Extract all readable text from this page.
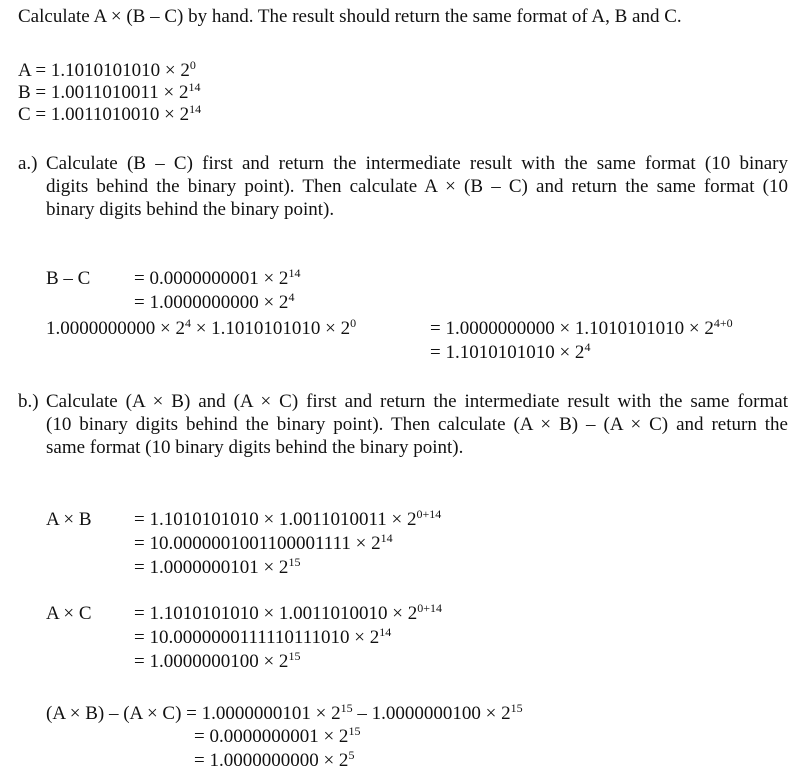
Calculate A × (B – C) by hand. The result should return the same format of A, B and C.
$A = 1.1010101010 \times 2^0$
$B = 1.0011010011 \times 2^{14}$
$C = 1.0011010010 \times 2^{14}$
a.) Calculate (B – C) first and return the intermediate result with the same format (10 binary
digits behind the binary point). Then calculate A × (B – C) and return the same format (10
binary digits behind the binary point).
$B - C = 0.0000000001 \times 2^{14}$
= $1.0000000000 \times 2^4$
$1.0000000000 \times 2^4 \times 1.1010101010 \times 2^0$	= $1.0000000000 \times 1.1010101010 \times 2^{4+0}$
= $1.1010101010 \times 2^4$
b.) Calculate (A × B) and (A × C) first and return the intermediate result with the same format
(10 binary digits behind the binary point). Then calculate (A × B) – (A × C) and return the
same format (10 binary digits behind the binary point).
$A \times B = 1.1010101010 \times 1.0011010011 \times 2^{0+14}$
= $10.0000001001100001111 \times 2^{14}$
= $1.0000000101 \times 2^{15}$
$A \times C = 1.1010101010 \times 1.0011010010 \times 2^{0+14}$
= $10.0000000111110111010 \times 2^{14}$
= $1.0000000100 \times 2^{15}$
$(A \times B) - (A \times C) = 1.0000000101 \times 2^{15} - 1.0000000100 \times 2^{15}$
= $0.0000000001 \times 2^{15}$
= $1.0000000000 \times 2^5$
